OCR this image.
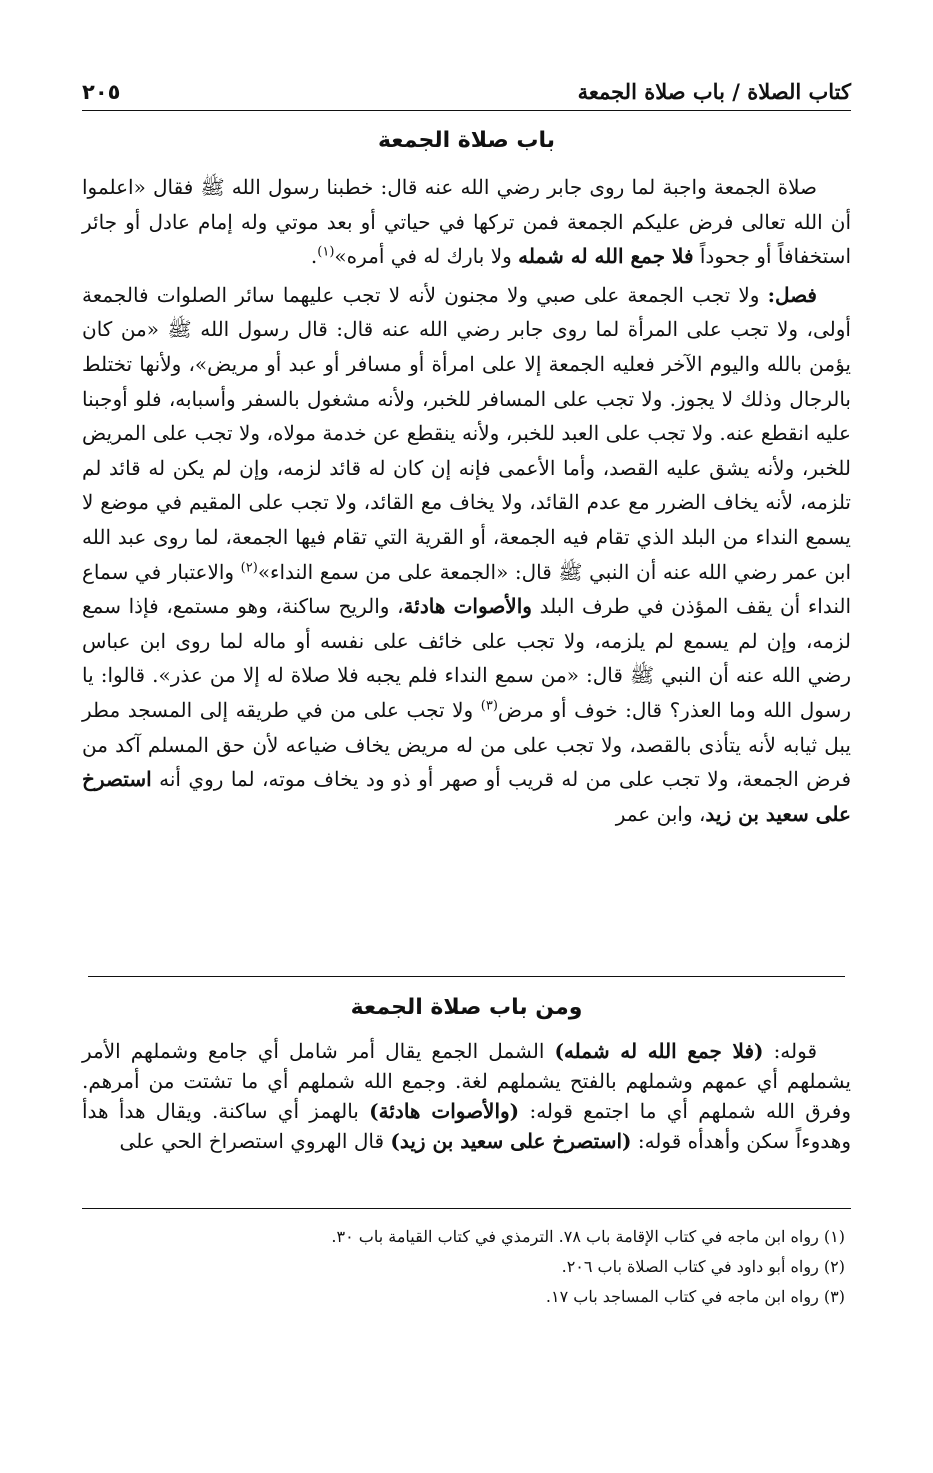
كتاب الصلاة / باب صلاة الجمعة
٢٠٥
باب صلاة الجمعة

صلاة الجمعة واجبة لما روى جابر رضي الله عنه قال: خطبنا رسول الله ﷺ فقال «اعلموا أن الله تعالى فرض عليكم الجمعة فمن تركها في حياتي أو بعد موتي وله إمام عادل أو جائر استخفافاً أو جحوداً فلا جمع الله له شمله ولا بارك له في أمره»$^{(١)}$.

فصل: ولا تجب الجمعة على صبي ولا مجنون لأنه لا تجب عليهما سائر الصلوات فالجمعة أولى، ولا تجب على المرأة لما روى جابر رضي الله عنه قال: قال رسول الله ﷺ «من كان يؤمن بالله واليوم الآخر فعليه الجمعة إلا على امرأة أو مسافر أو عبد أو مريض»، ولأنها تختلط بالرجال وذلك لا يجوز. ولا تجب على المسافر للخبر، ولأنه مشغول بالسفر وأسبابه، فلو أوجبنا عليه انقطع عنه. ولا تجب على العبد للخبر، ولأنه ينقطع عن خدمة مولاه، ولا تجب على المريض للخبر، ولأنه يشق عليه القصد، وأما الأعمى فإنه إن كان له قائد لزمه، وإن لم يكن له قائد لم تلزمه، لأنه يخاف الضرر مع عدم القائد، ولا يخاف مع القائد، ولا تجب على المقيم في موضع لا يسمع النداء من البلد الذي تقام فيه الجمعة، أو القرية التي تقام فيها الجمعة، لما روى عبد الله ابن عمر رضي الله عنه أن النبي ﷺ قال: «الجمعة على من سمع النداء»$^{(٢)}$ والاعتبار في سماع النداء أن يقف المؤذن في طرف البلد والأصوات هادئة، والريح ساكنة، وهو مستمع، فإذا سمع لزمه، وإن لم يسمع لم يلزمه، ولا تجب على خائف على نفسه أو ماله لما روى ابن عباس رضي الله عنه أن النبي ﷺ قال: «من سمع النداء فلم يجبه فلا صلاة له إلا من عذر». قالوا: يا رسول الله وما العذر؟ قال: خوف أو مرض$^{(٣)}$ ولا تجب على من في طريقه إلى المسجد مطر يبل ثيابه لأنه يتأذى بالقصد، ولا تجب على من له مريض يخاف ضياعه لأن حق المسلم آكد من فرض الجمعة، ولا تجب على من له قريب أو صهر أو ذو ود يخاف موته، لما روي أنه استصرخ على سعيد بن زيد، وابن عمر

ومن باب صلاة الجمعة

قوله: (فلا جمع الله له شمله) الشمل الجمع يقال أمر شامل أي جامع وشملهم الأمر يشملهم أي عمهم وشملهم بالفتح يشملهم لغة. وجمع الله شملهم أي ما تشتت من أمرهم. وفرق الله شملهم أي ما اجتمع قوله: (والأصوات هادئة) بالهمز أي ساكنة. ويقال هدأ هدأ وهدوءاً سكن وأهدأه قوله: (استصرخ على سعيد بن زيد) قال الهروي استصراخ الحي على

(١) رواه ابن ماجه في كتاب الإقامة باب ٧٨. الترمذي في كتاب القيامة باب ٣٠.
(٢) رواه أبو داود في كتاب الصلاة باب ٢٠٦.
(٣) رواه ابن ماجه في كتاب المساجد باب ١٧.
